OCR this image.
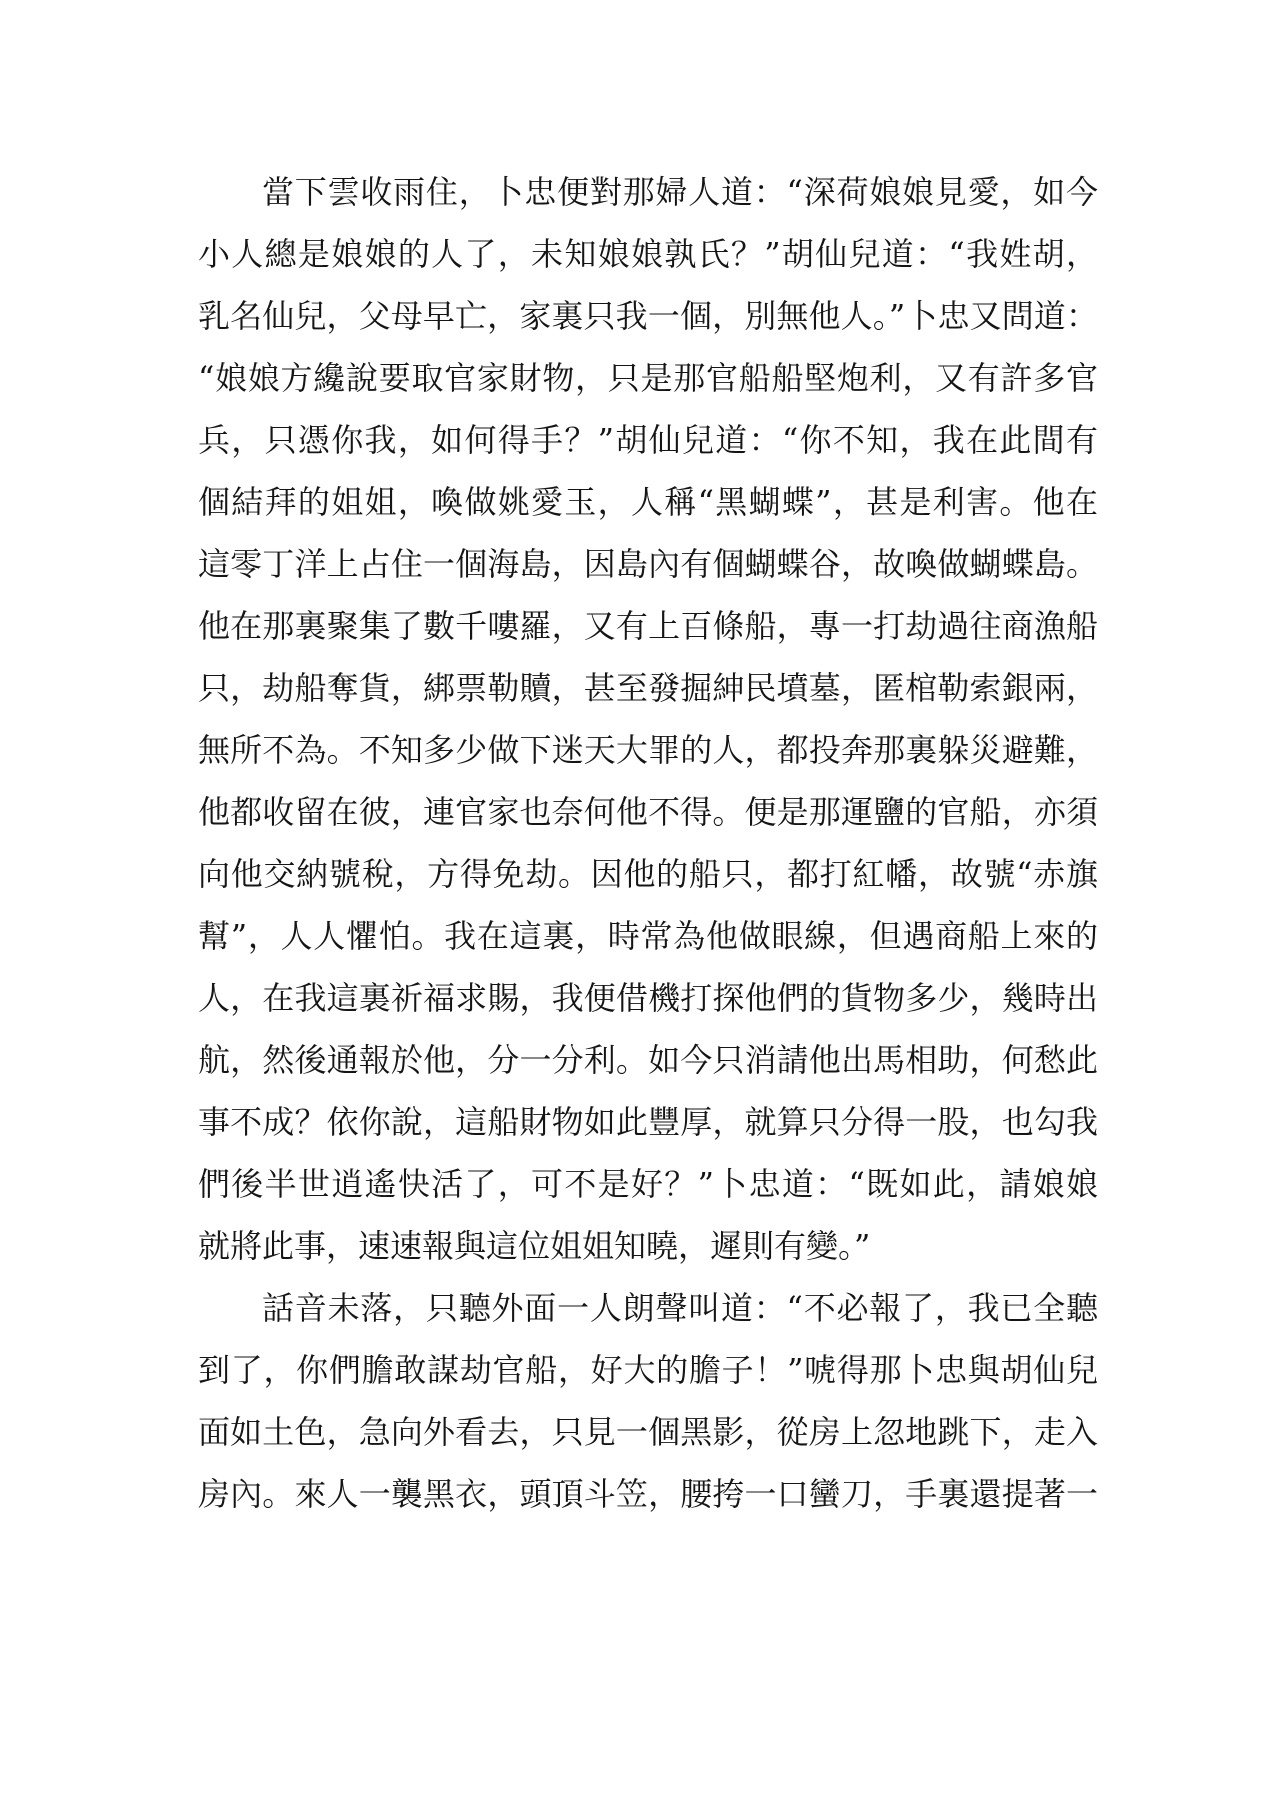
當下雲收雨住，卜忠便對那婦人道：“深荷娘娘見愛，如今
小人總是娘娘的人了，未知娘娘孰氏？”胡仙兒道：“我姓胡，
乳名仙兒，父母早亡，家裏只我一個，別無他人。”卜忠又問道：
“娘娘方纔說要取官家財物，只是那官船船堅炮利，又有許多官
兵，只憑你我，如何得手？”胡仙兒道：“你不知，我在此間有
個結拜的姐姐，喚做姚愛玉，人稱“黑蝴蝶”，甚是利害。他在
這零丁洋上占住一個海島，因島內有個蝴蝶谷，故喚做蝴蝶島。
他在那裏聚集了數千嘍羅，又有上百條船，專一打劫過往商漁船
只，劫船奪貨，綁票勒贖，甚至發掘紳民墳墓，匿棺勒索銀兩，
無所不為。不知多少做下迷天大罪的人，都投奔那裏躲災避難，
他都收留在彼，連官家也奈何他不得。便是那運鹽的官船，亦須
向他交納號稅，方得免劫。因他的船只，都打紅幡，故號“赤旗
幫”，人人懼怕。我在這裏，時常為他做眼線，但遇商船上來的
人，在我這裏祈福求賜，我便借機打探他們的貨物多少，幾時出
航，然後通報於他，分一分利。如今只消請他出馬相助，何愁此
事不成？依你說，這船財物如此豐厚，就算只分得一股，也勾我
們後半世逍遙快活了，可不是好？”卜忠道：“既如此，請娘娘
就將此事，速速報與這位姐姐知曉，遲則有變。”
話音未落，只聽外面一人朗聲叫道：“不必報了，我已全聽
到了，你們膽敢謀劫官船，好大的膽子！”唬得那卜忠與胡仙兒
面如土色，急向外看去，只見一個黑影，從房上忽地跳下，走入
房內。來人一襲黑衣，頭頂斗笠，腰挎一口蠻刀，手裏還提著一
